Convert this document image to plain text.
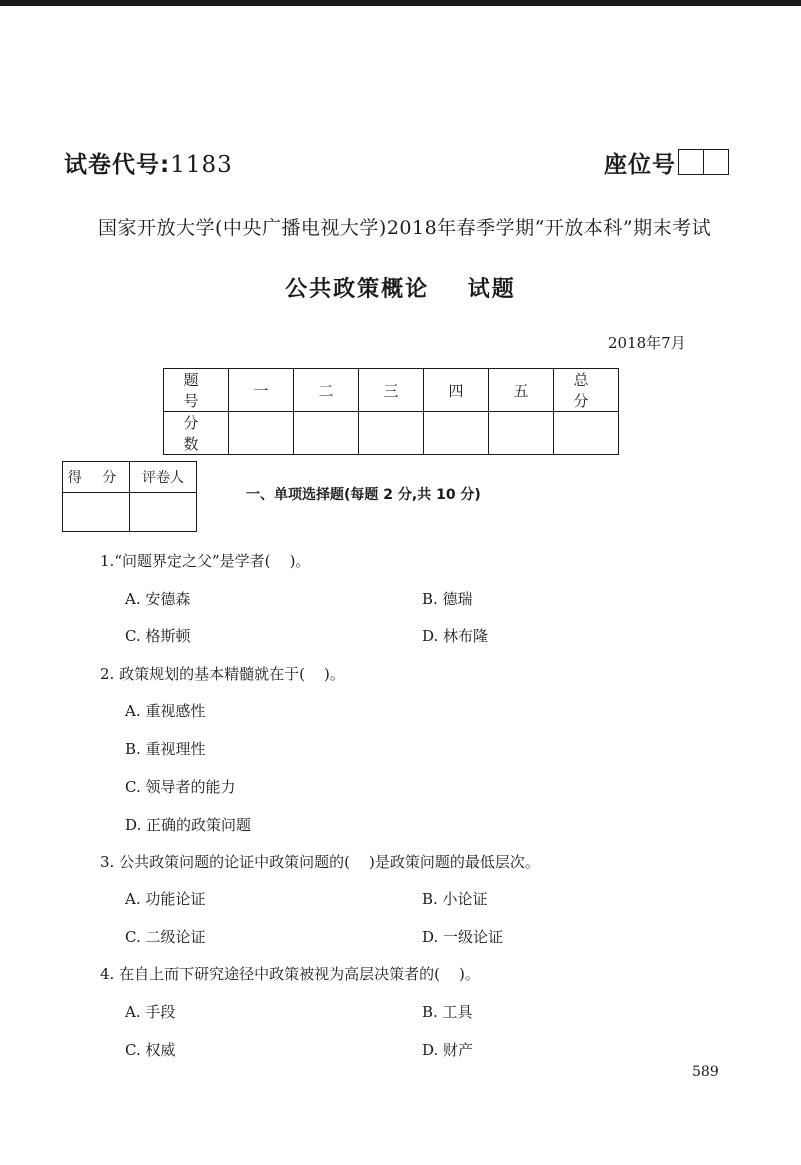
试卷代号:1183	座位号
国家开放大学(中央广播电视大学)2018年春季学期“开放本科”期末考试
公共政策概论    试题
2018年7月
题 号	一	二	三	四	五	总 分
分 数						
得 分	评卷人

一、单项选择题(每题 2 分,共 10 分)
1.“问题界定之父”是学者(    )。
A. 安德森	B. 德瑞
C. 格斯顿	D. 林布隆
2. 政策规划的基本精髓就在于(    )。
A. 重视感性
B. 重视理性
C. 领导者的能力
D. 正确的政策问题
3. 公共政策问题的论证中政策问题的(    )是政策问题的最低层次。
A. 功能论证	B. 小论证
C. 二级论证	D. 一级论证
4. 在自上而下研究途径中政策被视为高层决策者的(    )。
A. 手段	B. 工具
C. 权威	D. 财产
589
